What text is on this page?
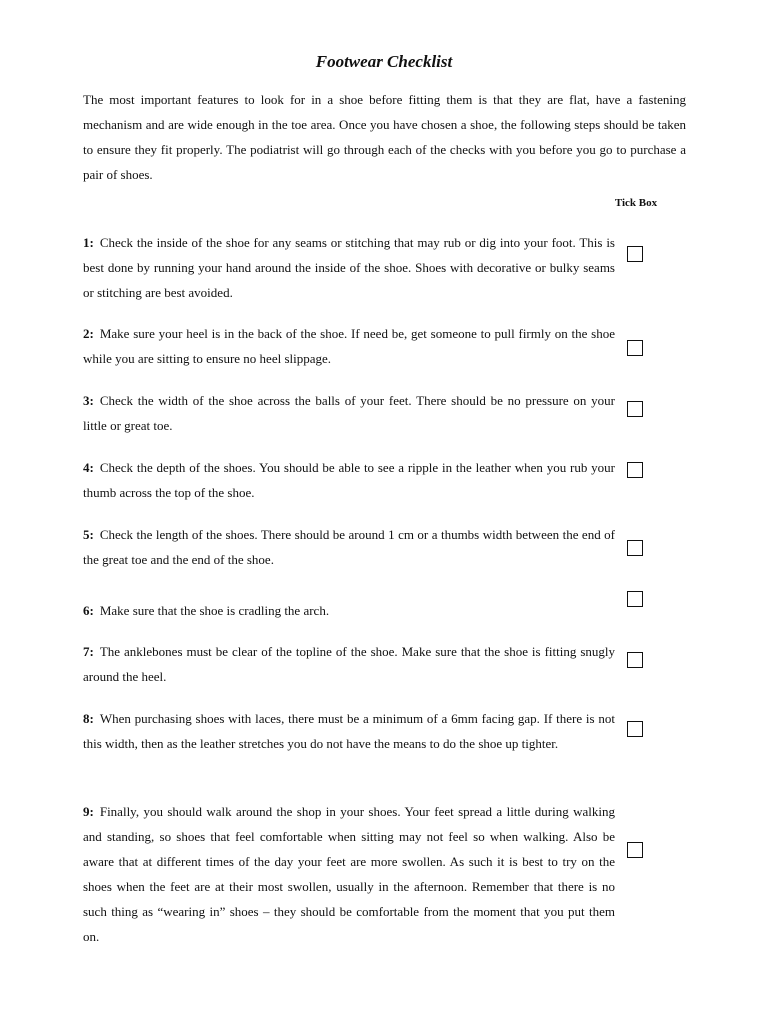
Footwear Checklist

The most important features to look for in a shoe before fitting them is that they are flat, have a fastening mechanism and are wide enough in the toe area. Once you have chosen a shoe, the following steps should be taken to ensure they fit properly. The podiatrist will go through each of the checks with you before you go to purchase a pair of shoes.

Tick Box

1: Check the inside of the shoe for any seams or stitching that may rub or dig into your foot. This is best done by running your hand around the inside of the shoe. Shoes with decorative or bulky seams or stitching are best avoided.

2: Make sure your heel is in the back of the shoe. If need be, get someone to pull firmly on the shoe while you are sitting to ensure no heel slippage.

3: Check the width of the shoe across the balls of your feet. There should be no pressure on your little or great toe.

4: Check the depth of the shoes. You should be able to see a ripple in the leather when you rub your thumb across the top of the shoe.

5: Check the length of the shoes. There should be around 1 cm or a thumbs width between the end of the great toe and the end of the shoe.

6: Make sure that the shoe is cradling the arch.

7: The anklebones must be clear of the topline of the shoe. Make sure that the shoe is fitting snugly around the heel.

8: When purchasing shoes with laces, there must be a minimum of a 6mm facing gap. If there is not this width, then as the leather stretches you do not have the means to do the shoe up tighter.

9: Finally, you should walk around the shop in your shoes. Your feet spread a little during walking and standing, so shoes that feel comfortable when sitting may not feel so when walking. Also be aware that at different times of the day your feet are more swollen. As such it is best to try on the shoes when the feet are at their most swollen, usually in the afternoon. Remember that there is no such thing as “wearing in” shoes – they should be comfortable from the moment that you put them on.
